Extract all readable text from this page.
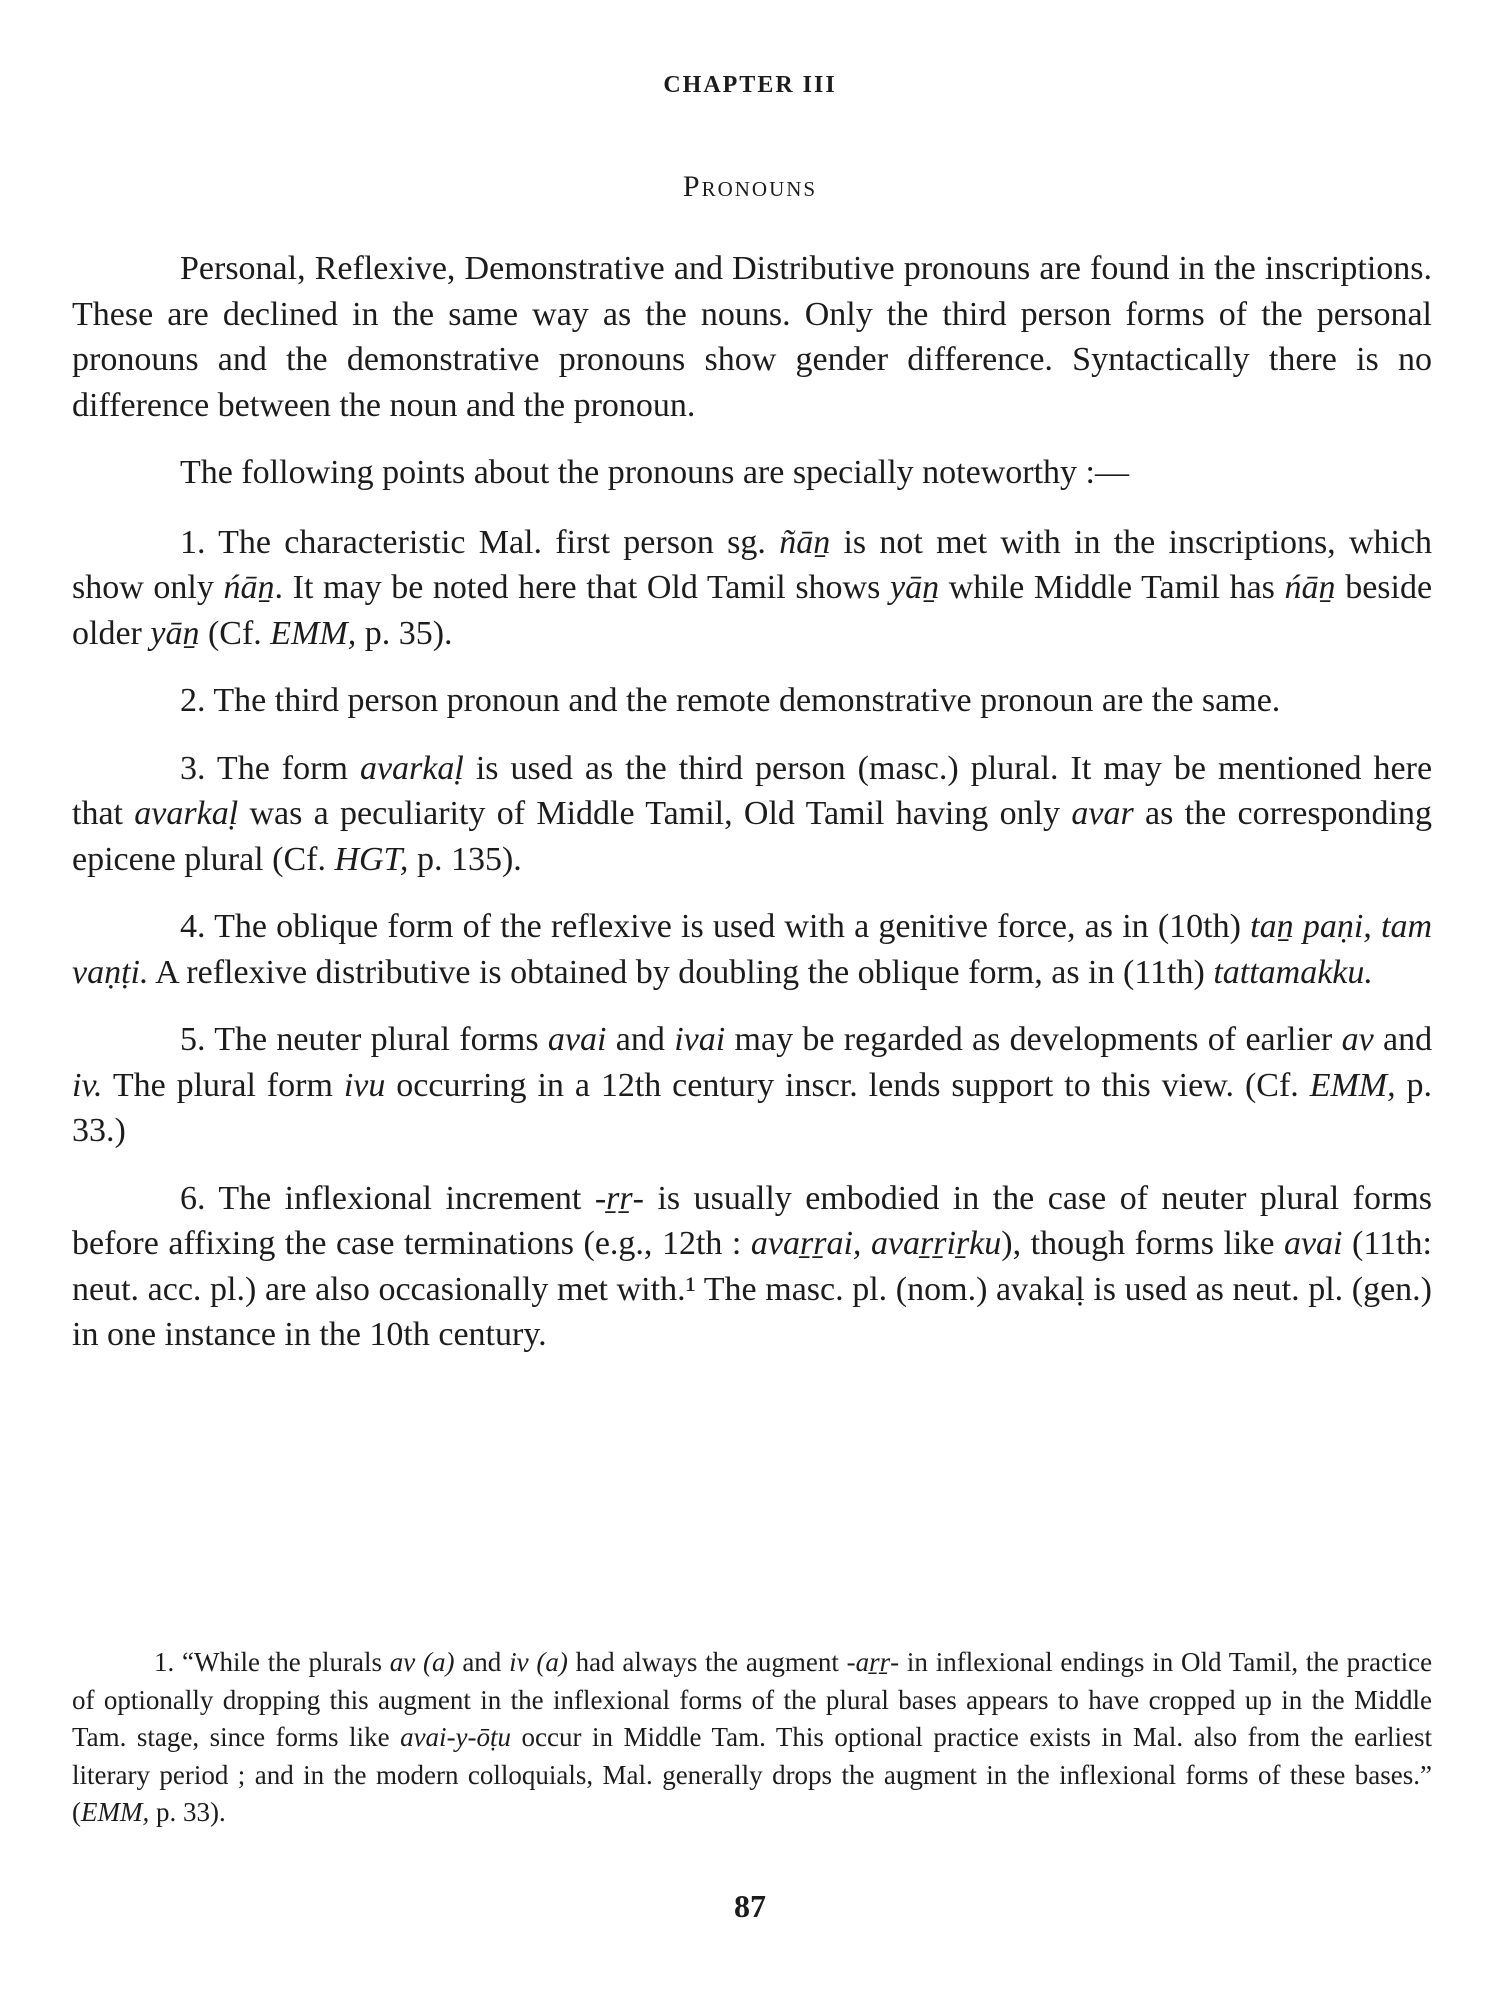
CHAPTER III
Pronouns

Personal, Reflexive, Demonstrative and Distributive pronouns are found in the inscriptions. These are declined in the same way as the nouns. Only the third person forms of the personal pronouns and the demonstrative pronouns show gender difference. Syntactically there is no difference between the noun and the pronoun.

The following points about the pronouns are specially noteworthy :—

1. The characteristic Mal. first person sg. ñāṉ is not met with in the inscriptions, which show only ńāṉ. It may be noted here that Old Tamil shows yāṉ while Middle Tamil has ńāṉ beside older yāṉ (Cf. EMM, p. 35).

2. The third person pronoun and the remote demonstrative pronoun are the same.

3. The form avarkaḷ is used as the third person (masc.) plural. It may be mentioned here that avarkaḷ was a peculiarity of Middle Tamil, Old Tamil having only avar as the corresponding epicene plural (Cf. HGT, p. 135).

4. The oblique form of the reflexive is used with a genitive force, as in (10th) taṉ paṇi, tam vaṇṭi. A reflexive distributive is obtained by doubling the oblique form, as in (11th) tattamakku.

5. The neuter plural forms avai and ivai may be regarded as developments of earlier av and iv. The plural form ivu occurring in a 12th century inscr. lends support to this view. (Cf. EMM, p. 33.)

6. The inflexional increment -ṟṟ- is usually embodied in the case of neuter plural forms before affixing the case terminations (e.g., 12th : avaṟṟai, avaṟṟiṟku), though forms like avai (11th: neut. acc. pl.) are also occasionally met with.¹ The masc. pl. (nom.) avakaḷ is used as neut. pl. (gen.) in one instance in the 10th century.

1. “While the plurals av (a) and iv (a) had always the augment -aṟṟ- in inflexional endings in Old Tamil, the practice of optionally dropping this augment in the inflexional forms of the plural bases appears to have cropped up in the Middle Tam. stage, since forms like avai-y-ōṭu occur in Middle Tam. This optional practice exists in Mal. also from the earliest literary period ; and in the modern colloquials, Mal. generally drops the augment in the inflexional forms of these bases.” (EMM, p. 33).

87
